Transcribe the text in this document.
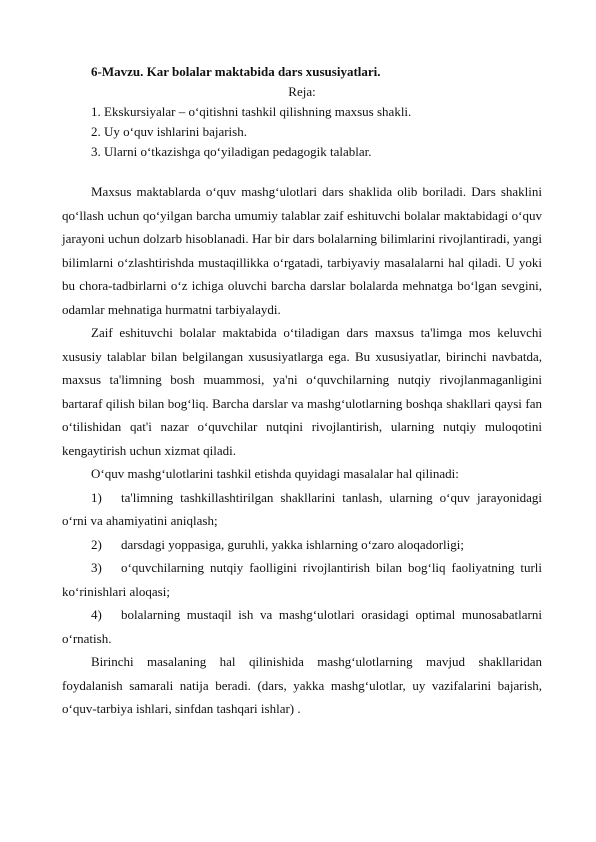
6-Mavzu. Kar bolalar maktabida dars xususiyatlari.
Reja:
1. Ekskursiyalar – o‘qitishni tashkil qilishning maxsus shakli.
2. Uy o‘quv ishlarini bajarish.
3. Ularni o‘tkazishga qo‘yiladigan pedagogik talablar.

Maxsus maktablarda o‘quv mashg‘ulotlari dars shaklida olib boriladi. Dars shaklini qo‘llash uchun qo‘yilgan barcha umumiy talablar zaif eshituvchi bolalar maktabidagi o‘quv jarayoni uchun dolzarb hisoblanadi. Har bir dars bolalarning bilimlarini rivojlantiradi, yangi bilimlarni o‘zlashtirishda mustaqillikka o‘rgatadi, tarbiyaviy masalalarni hal qiladi. U yoki bu chora-tadbirlarni o‘z ichiga oluvchi barcha darslar bolalarda mehnatga bo‘lgan sevgini, odamlar mehnatiga hurmatni tarbiyalaydi.

Zaif eshituvchi bolalar maktabida o‘tiladigan dars maxsus ta'limga mos keluvchi xususiy talablar bilan belgilangan xususiyatlarga ega. Bu xususiyatlar, birinchi navbatda, maxsus ta'limning bosh muammosi, ya'ni o‘quvchilarning nutqiy rivojlanmaganligini bartaraf qilish bilan bog‘liq. Barcha darslar va mashg‘ulotlarning boshqa shakllari qaysi fan o‘tilishidan qat'i nazar o‘quvchilar nutqini rivojlantirish, ularning nutqiy muloqotini kengaytirish uchun xizmat qiladi.

O‘quv mashg‘ulotlarini tashkil etishda quyidagi masalalar hal qilinadi:

1) ta'limning tashkillashtirilgan shakllarini tanlash, ularning o‘quv jarayonidagi o‘rni va ahamiyatini aniqlash;

2) darsdagi yoppasiga, guruhli, yakka ishlarning o‘zaro aloqadorligi;

3) o‘quvchilarning nutqiy faolligini rivojlantirish bilan bog‘liq faoliyatning turli ko‘rinishlari aloqasi;

4) bolalarning mustaqil ish va mashg‘ulotlari orasidagi optimal munosabatlarni o‘rnatish.

Birinchi masalaning hal qilinishida mashg‘ulotlarning mavjud shakllaridan foydalanish samarali natija beradi. (dars, yakka mashg‘ulotlar, uy vazifalarini bajarish, o‘quv-tarbiya ishlari, sinfdan tashqari ishlar) .
